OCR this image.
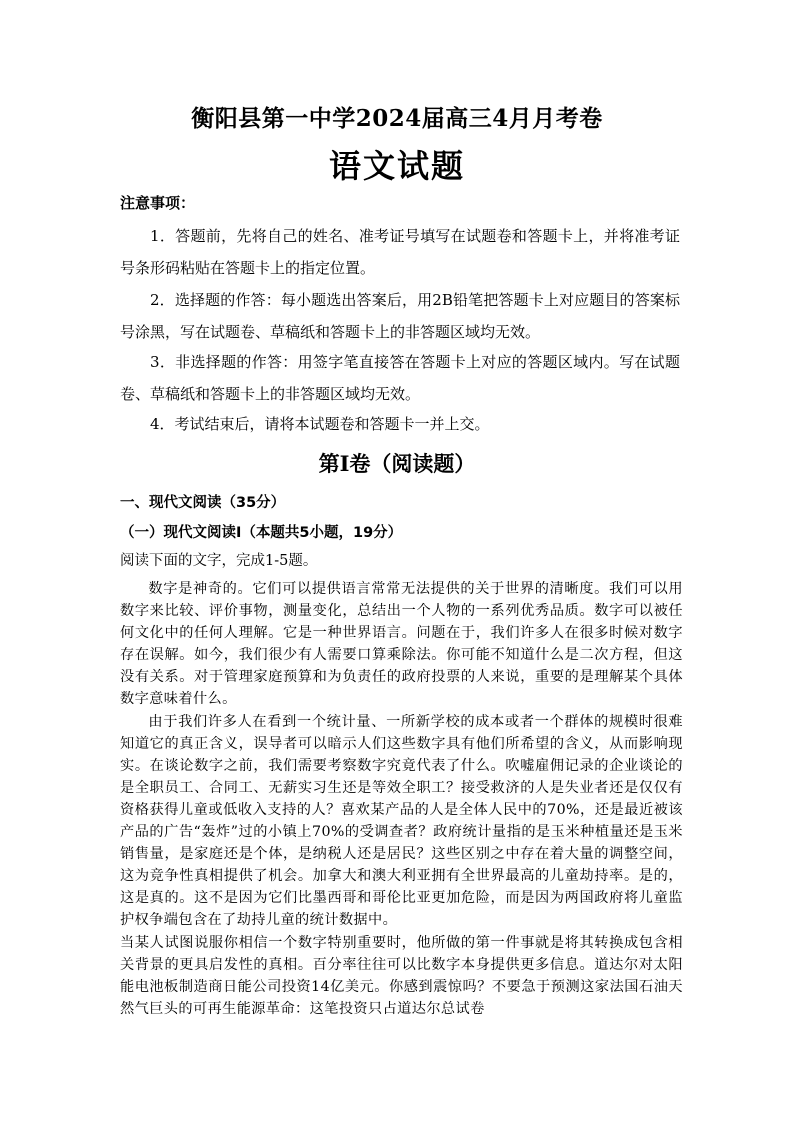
衡阳县第一中学2024届高三4月月考卷
语文试题
注意事项：

1．答题前，先将自己的姓名、准考证号填写在试题卷和答题卡上，并将准考证号条形码粘贴在答题卡上的指定位置。

2．选择题的作答：每小题选出答案后，用2B铅笔把答题卡上对应题目的答案标号涂黑，写在试题卷、草稿纸和答题卡上的非答题区域均无效。

3．非选择题的作答：用签字笔直接答在答题卡上对应的答题区域内。写在试题卷、草稿纸和答题卡上的非答题区域均无效。

4．考试结束后，请将本试题卷和答题卡一并上交。

第Ⅰ卷（阅读题）
一、现代文阅读（35分）
（一）现代文阅读Ⅰ（本题共5小题，19分）
阅读下面的文字，完成1-5题。

数字是神奇的。它们可以提供语言常常无法提供的关于世界的清晰度。我们可以用数字来比较、评价事物，测量变化，总结出一个人物的一系列优秀品质。数字可以被任何文化中的任何人理解。它是一种世界语言。问题在于，我们许多人在很多时候对数字存在误解。如今，我们很少有人需要口算乘除法。你可能不知道什么是二次方程，但这没有关系。对于管理家庭预算和为负责任的政府投票的人来说，重要的是理解某个具体数字意味着什么。

由于我们许多人在看到一个统计量、一所新学校的成本或者一个群体的规模时很难知道它的真正含义，误导者可以暗示人们这些数字具有他们所希望的含义，从而影响现实。在谈论数字之前，我们需要考察数字究竟代表了什么。吹嘘雇佣记录的企业谈论的是全职员工、合同工、无薪实习生还是等效全职工？接受救济的人是失业者还是仅仅有资格获得儿童或低收入支持的人？喜欢某产品的人是全体人民中的70%，还是最近被该产品的广告“轰炸”过的小镇上70%的受调查者？政府统计量指的是玉米种植量还是玉米销售量，是家庭还是个体，是纳税人还是居民？这些区别之中存在着大量的调整空间，这为竞争性真相提供了机会。加拿大和澳大利亚拥有全世界最高的儿童劫持率。是的，这是真的。这不是因为它们比墨西哥和哥伦比亚更加危险，而是因为两国政府将儿童监护权争端包含在了劫持儿童的统计数据中。

当某人试图说服你相信一个数字特别重要时，他所做的第一件事就是将其转换成包含相关背景的更具启发性的真相。百分率往往可以比数字本身提供更多信息。道达尔对太阳能电池板制造商日能公司投资14亿美元。你感到震惊吗？不要急于预测这家法国石油天然气巨头的可再生能源革命：这笔投资只占道达尔总试卷
